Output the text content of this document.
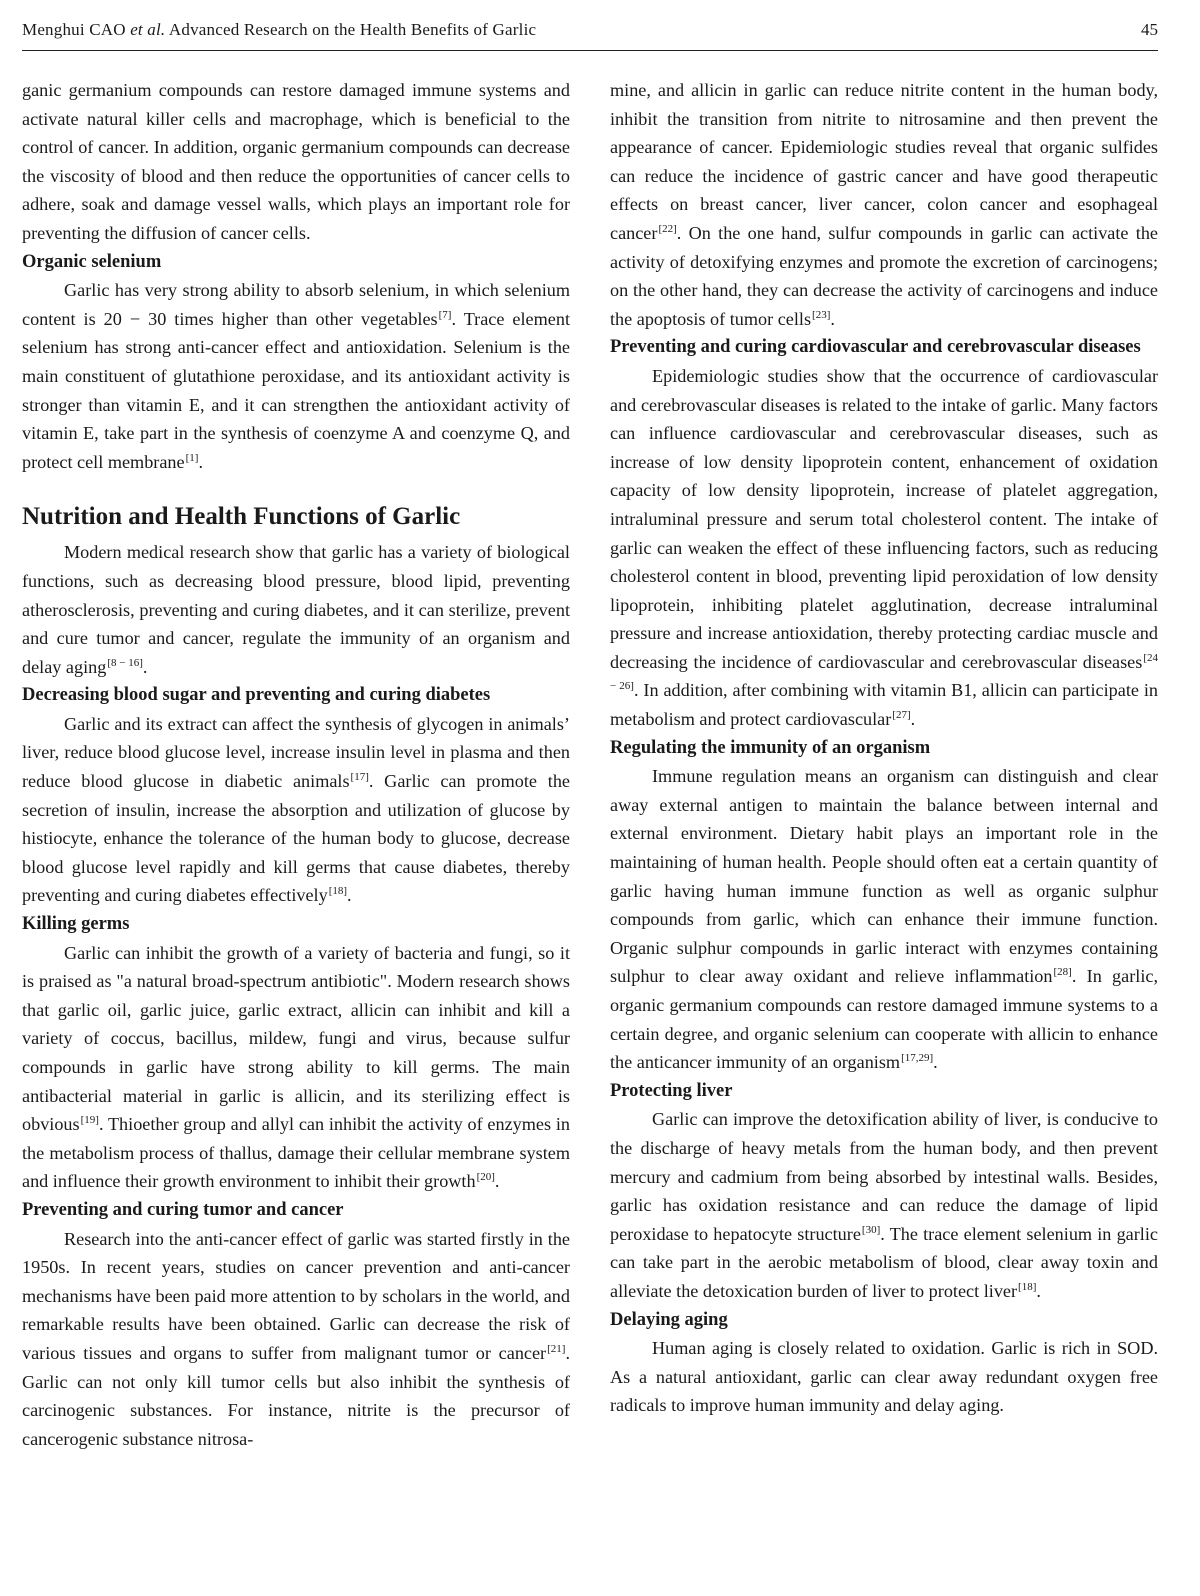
Menghui CAO et al. Advanced Research on the Health Benefits of Garlic	45

ganic germanium compounds can restore damaged immune systems and activate natural killer cells and macrophage, which is beneficial to the control of cancer. In addition, organic germanium compounds can decrease the viscosity of blood and then reduce the opportunities of cancer cells to adhere, soak and damage vessel walls, which plays an important role for preventing the diffusion of cancer cells.

Organic selenium

Garlic has very strong ability to absorb selenium, in which selenium content is 20 − 30 times higher than other vegetables[7]. Trace element selenium has strong anti-cancer effect and antioxidation. Selenium is the main constituent of glutathione peroxidase, and its antioxidant activity is stronger than vitamin E, and it can strengthen the antioxidant activity of vitamin E, take part in the synthesis of coenzyme A and coenzyme Q, and protect cell membrane[1].

Nutrition and Health Functions of Garlic

Modern medical research show that garlic has a variety of biological functions, such as decreasing blood pressure, blood lipid, preventing atherosclerosis, preventing and curing diabetes, and it can sterilize, prevent and cure tumor and cancer, regulate the immunity of an organism and delay aging[8 − 16].

Decreasing blood sugar and preventing and curing diabetes

Garlic and its extract can affect the synthesis of glycogen in animals’ liver, reduce blood glucose level, increase insulin level in plasma and then reduce blood glucose in diabetic animals[17]. Garlic can promote the secretion of insulin, increase the absorption and utilization of glucose by histiocyte, enhance the tolerance of the human body to glucose, decrease blood glucose level rapidly and kill germs that cause diabetes, thereby preventing and curing diabetes effectively[18].

Killing germs

Garlic can inhibit the growth of a variety of bacteria and fungi, so it is praised as "a natural broad-spectrum antibiotic". Modern research shows that garlic oil, garlic juice, garlic extract, allicin can inhibit and kill a variety of coccus, bacillus, mildew, fungi and virus, because sulfur compounds in garlic have strong ability to kill germs. The main antibacterial material in garlic is allicin, and its sterilizing effect is obvious[19]. Thioether group and allyl can inhibit the activity of enzymes in the metabolism process of thallus, damage their cellular membrane system and influence their growth environment to inhibit their growth[20].

Preventing and curing tumor and cancer

Research into the anti-cancer effect of garlic was started firstly in the 1950s. In recent years, studies on cancer prevention and anti-cancer mechanisms have been paid more attention to by scholars in the world, and remarkable results have been obtained. Garlic can decrease the risk of various tissues and organs to suffer from malignant tumor or cancer[21]. Garlic can not only kill tumor cells but also inhibit the synthesis of carcinogenic substances. For instance, nitrite is the precursor of cancerogenic substance nitrosa-

mine, and allicin in garlic can reduce nitrite content in the human body, inhibit the transition from nitrite to nitrosamine and then prevent the appearance of cancer. Epidemiologic studies reveal that organic sulfides can reduce the incidence of gastric cancer and have good therapeutic effects on breast cancer, liver cancer, colon cancer and esophageal cancer[22]. On the one hand, sulfur compounds in garlic can activate the activity of detoxifying enzymes and promote the excretion of carcinogens; on the other hand, they can decrease the activity of carcinogens and induce the apoptosis of tumor cells[23].

Preventing and curing cardiovascular and cerebrovascular diseases

Epidemiologic studies show that the occurrence of cardiovascular and cerebrovascular diseases is related to the intake of garlic. Many factors can influence cardiovascular and cerebrovascular diseases, such as increase of low density lipoprotein content, enhancement of oxidation capacity of low density lipoprotein, increase of platelet aggregation, intraluminal pressure and serum total cholesterol content. The intake of garlic can weaken the effect of these influencing factors, such as reducing cholesterol content in blood, preventing lipid peroxidation of low density lipoprotein, inhibiting platelet agglutination, decrease intraluminal pressure and increase antioxidation, thereby protecting cardiac muscle and decreasing the incidence of cardiovascular and cerebrovascular diseases[24 − 26]. In addition, after combining with vitamin B1, allicin can participate in metabolism and protect cardiovascular[27].

Regulating the immunity of an organism

Immune regulation means an organism can distinguish and clear away external antigen to maintain the balance between internal and external environment. Dietary habit plays an important role in the maintaining of human health. People should often eat a certain quantity of garlic having human immune function as well as organic sulphur compounds from garlic, which can enhance their immune function. Organic sulphur compounds in garlic interact with enzymes containing sulphur to clear away oxidant and relieve inflammation[28]. In garlic, organic germanium compounds can restore damaged immune systems to a certain degree, and organic selenium can cooperate with allicin to enhance the anticancer immunity of an organism[17,29].

Protecting liver

Garlic can improve the detoxification ability of liver, is conducive to the discharge of heavy metals from the human body, and then prevent mercury and cadmium from being absorbed by intestinal walls. Besides, garlic has oxidation resistance and can reduce the damage of lipid peroxidase to hepatocyte structure[30]. The trace element selenium in garlic can take part in the aerobic metabolism of blood, clear away toxin and alleviate the detoxication burden of liver to protect liver[18].

Delaying aging

Human aging is closely related to oxidation. Garlic is rich in SOD. As a natural antioxidant, garlic can clear away redundant oxygen free radicals to improve human immunity and delay aging.
